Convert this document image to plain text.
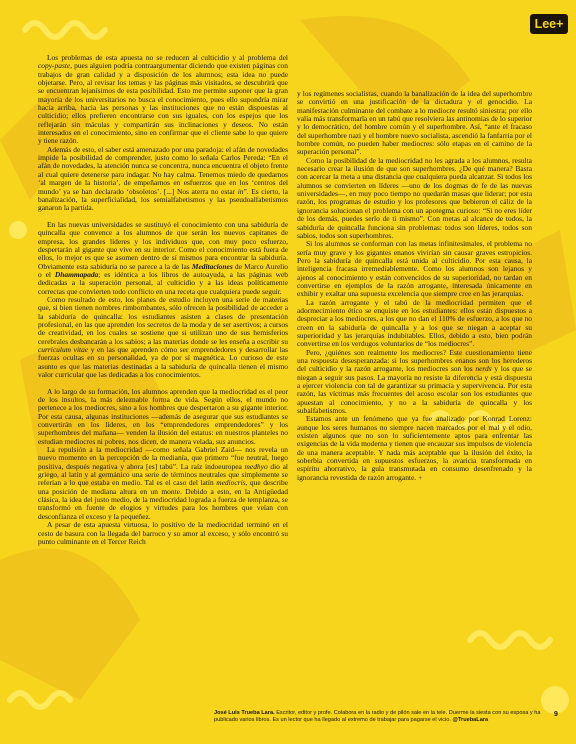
Lee+

Los problemas de esta apuesta no se reducen al culticidio y al problema del copy-paste, pues alguien podría contraargumentar diciendo que existen páginas con trabajos de gran calidad y a disposición de los alumnos; esta idea no puede objetarse. Pero, al revisar los temas y las páginas más visitados, se descubrirá que se encuentran lejanísimos de esta posibilidad. Esto me permite suponer que la gran mayoría de los universitarios no busca el conocimiento, pues ello supondría mirar hacia arriba, hacia las personas y las instituciones que no están dispuestas al culticidio; ellos prefieren encontrarse con sus iguales, con los espejos que los reflejarán sin máculas y compartirán sus inclinaciones y deseos. No están interesados en el conocimiento, sino en confirmar que el cliente sabe lo que quiere y tiene razón.

Además de esto, el saber está amenazado por una paradoja: el afán de novedades impide la posibilidad de comprender, justo como lo señala Carlos Pereda: “En el afán de novedades, la atención nunca se concentra, nunca encuentra el objeto frente al cual quiere detenerse para indagar. No hay calma. Tenemos miedo de quedarnos ‘al margen de la historia’, de empeñarnos en esfuerzos que en los ‘centros del mundo’ ya se han declarado ‘obsoletos’. [...] Nos aterra no estar in”. Es cierto, la banalización, la superficialidad, los semialfabetismos y las pseudoalfabetismos ganaron la partida.

En las nuevas universidades se sustituyó el conocimiento con una sabiduría de quincalla que convence a los alumnos de que serán los nuevos capitanes de empresa, los grandes líderes y los individuos que, con muy poco esfuerzo, despertarán al gigante que vive en su interior. Como el conocimiento está fuera de ellos, lo mejor es que se asomen dentro de sí mismos para encontrar la sabiduría. Obviamente esta sabiduría no se parece a la de las Meditaciones de Marco Aurelio o el Dhammapada; es idéntica a los libros de autoayuda, a las páginas web dedicadas a la superación personal, al culticidio y a las ideas políticamente correctas que convierten todo conflicto en una receta que cualquiera puede seguir.

Como resultado de esto, los planes de estudio incluyen una serie de materias que, si bien tienen nombres rimbombantes, sólo ofrecen la posibilidad de acceder a la sabiduría de quincalla: los estudiantes asisten a clases de presentación profesional, en las que aprenden los secretos de la moda y de ser asertivos; a cursos de creatividad, en los cuales se sostiene que si utilizan uno de sus hemisferios cerebrales desbancarán a los sabios; a las materias donde se les enseña a escribir su curriculum vitae y en las que aprenden cómo ser emprendedores y desarrollar las fuerzas ocultas en su personalidad, ya de por sí magnética. Lo curioso de este asunto es que las materias destinadas a la sabiduría de quincalla tienen el mismo valor curricular que las dedicadas a los conocimientos.

A lo largo de su formación, los alumnos aprenden que la mediocridad es el peor de los insultos, la más deleznable forma de vida. Según ellos, el mundo no pertenece a los mediocres, sino a los hombres que despertaron a su gigante interior. Por esta causa, algunas instituciones —además de asegurar que sus estudiantes se convertirán en los líderes, en los “emprendedores emprendedores” y los superhombres del mañana— venden la ilusión del estatus: en nuestros planteles no estudian mediocres ni pobres, nos dicen, de manera velada, sus anuncios.

La repulsión a la mediocridad —como señala Gabriel Zaid— nos revela un nuevo momento en la percepción de la medianía, que primero “fue neutral, luego positiva, después negativa y ahora [es] tabú”. La raíz indoeuropea medhyo dio al griego, al latín y al germánico una serie de términos neutrales que simplemente se referían a lo que estaba en medio. Tal es el caso del latín mediocris, que describe una posición de mediana altura en un monte. Debido a esto, en la Antigüedad clásica, la idea del justo medio, de la mediocridad lograda a fuerza de templanza, se transformó en fuente de elogios y virtudes para los hombres que veían con desconfianza el exceso y la pequeñez.

A pesar de esta apuesta virtuosa, lo positivo de la mediocridad terminó en el cesto de basura con la llegada del barroco y su amor al exceso, y sólo encontró su punto culminante en el Tercer Reich

y los regímenes socialistas, cuando la banalización de la idea del superhombre se convirtió en una justificación de la dictadura y el genocidio. La manifestación culminante del combate a lo mediocre resultó siniestra; por ello valía más transformarla en un tabú que resolviera las antinomias de lo superior y lo democrático, del hombre común y el superhombre. Así, “ante el fracaso del superhombre nazi y el hombre nuevo socialista, ascendió la fanfarria por el hombre común, no pueden haber mediocres: sólo etapas en el camino de la superación personal”.

Como la posibilidad de la mediocridad no les agrada a los alumnos, resulta necesario crear la ilusión de que son superhombres. ¿De qué manera? Basta con acercar la meta a una distancia que cualquiera pueda alcanzar. Si todos los alumnos se convierten en líderes —uno de los dogmas de fe de las nuevas universidades—, en muy poco tiempo no quedarán masas que liderar; por esta razón, los programas de estudio y los profesores que bebieron el cáliz de la ignorancia solucionan el problema con un apotegma curioso: “Si no eres líder de los demás, puedes serlo de ti mismo”. Con metas al alcance de todos, la sabiduría de quincalla funciona sin problemas: todos son líderes, todos son sabios, todos son superhombres.

Si los alumnos se conforman con las metas infinitesimales, el problema no sería muy grave y los gigantes enanos vivirían sin causar graves estropicios. Pero la sabiduría de quincalla está unida al culticidio. Por esta causa, la inteligencia fracasa irremediablemente. Como los alumnos son lejanos y ajenos al conocimiento y están convencidos de su superioridad, no tardan en convertirse en ejemplos de la razón arrogante, interesada únicamente en exhibir y exaltar una supuesta excelencia que siempre cree en las jerarquías.

La razón arrogante y el tabú de la mediocridad permiten que el adormecimiento ético se enquiste en los estudiantes: ellos están dispuestos a despreciar a los mediocres, a los que no dan el 110% de esfuerzo, a los que no creen en la sabiduría de quincalla y a los que se niegan a aceptar su superioridad y las jerarquías indubitables. Ellos, debido a esto, bien podrán convertirse en los verdugos voluntarios de “los mediocres”.

Pero, ¿quiénes son realmente los mediocres? Este cuestionamiento tiene una respuesta desesperanzada: si los superhombres enanos son los herederos del culticidio y la razón arrogante, los mediocres son los nerds y los que se niegan a seguir sus pasos. La mayoría no resiste la diferencia y está dispuesta a ejercer violencia con tal de garantizar su primacía y supervivencia. Por esta razón, las víctimas más frecuentes del acoso escolar son los estudiantes que apuestan al conocimiento, y no a la sabiduría de quincalla y los subalfabetismos.

Estamos ante un fenómeno que ya fue analizado por Konrad Lorenz: aunque los seres humanos no siempre nacen marcados por el mal y el odio, existen algunos que no son lo suficientemente aptos para enfrentar las exigencias de la vida moderna y tienen que encauzar sus impulsos de violencia de una manera aceptable. Y nada más aceptable que la ilusión del éxito, la soberbia convertida en supuestos esfuerzos, la avaricia transformada en espíritu ahorrativo, la gula transmutada en consumo desenfrenado y la ignorancia revestida de razón arrogante. +

José Luis Trueba Lara. Escritor, editor y profe. Colabora en la radio y de pilón sale en la tele. Duerme la siesta con su esposa y ha publicado varios libros. Es un lector que ha llegado al extremo de trabajar para pagarse el vicio. @TruebaLara
9
